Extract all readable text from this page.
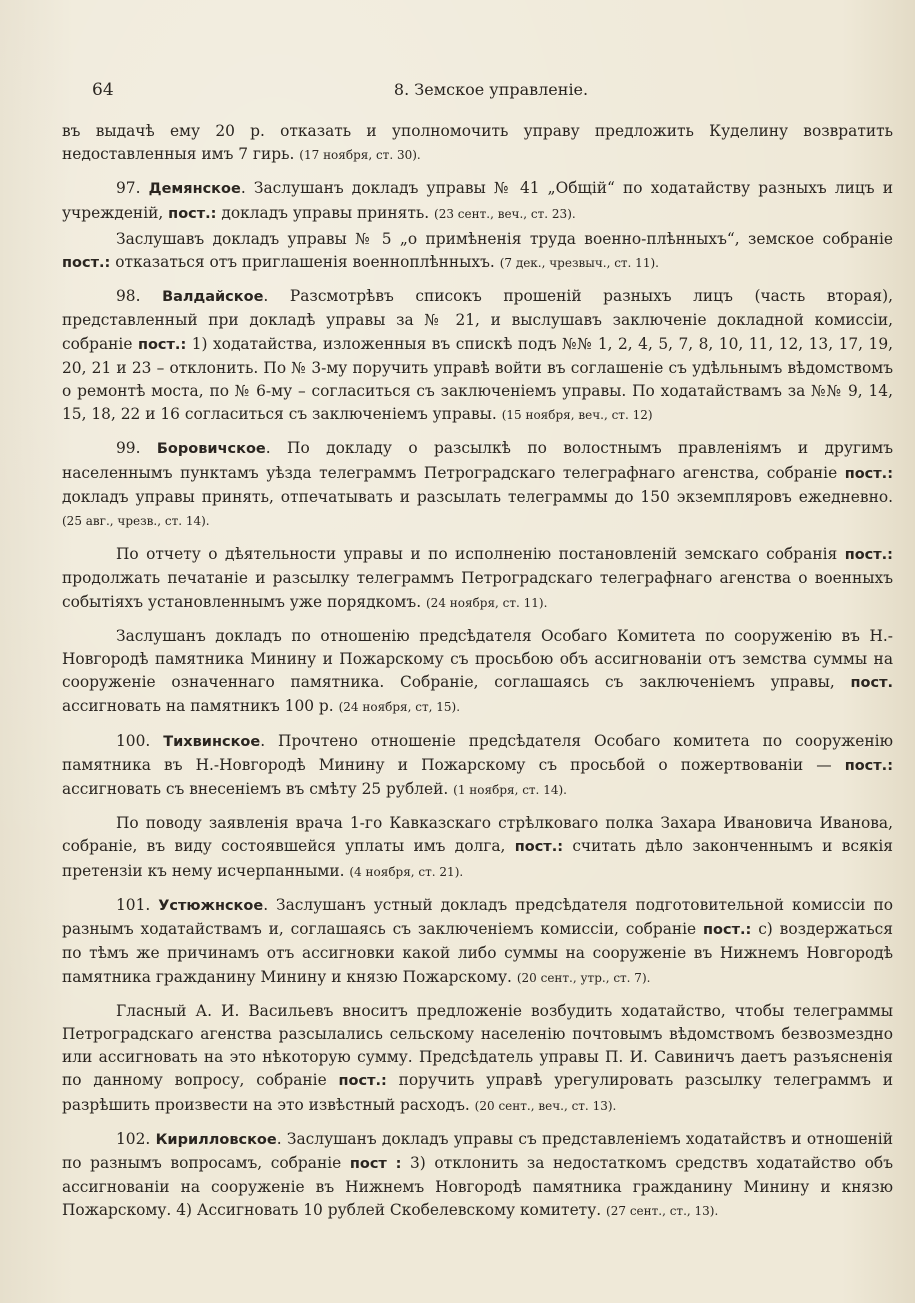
64	8. Земское управленіе.

въ выдачѣ ему 20 р. отказать и уполномочить управу предложить Куделину возвратить недоставленныя имъ 7 гирь. (17 ноября, ст. 30).

97. Демянское. Заслушанъ докладъ управы № 41 „Общій“ по ходатайству разныхъ лицъ и учрежденій, пост.: докладъ управы принять. (23 сент., веч., ст. 23).

Заслушавъ докладъ управы № 5 „о примѣненія труда военно-плѣнныхъ“, земское собраніе пост.: отказаться отъ приглашенія военноплѣнныхъ. (7 дек., чрезвыч., ст. 11).

98. Валдайское. Разсмотрѣвъ списокъ прошеній разныхъ лицъ (часть вторая), представленный при докладѣ управы за № 21, и выслушавъ заключеніе докладной комиссіи, собраніе пост.: 1) ходатайства, изложенныя въ спискѣ подъ №№ 1, 2, 4, 5, 7, 8, 10, 11, 12, 13, 17, 19, 20, 21 и 23 – отклонить. По № 3-му поручить управѣ войти въ соглашеніе съ удѣльнымъ вѣдомствомъ о ремонтѣ моста, по № 6-му – согласиться съ заключеніемъ управы. По ходатайствамъ за №№ 9, 14, 15, 18, 22 и 16 согласиться съ заключеніемъ управы. (15 ноября, веч., ст. 12)

99. Боровичское. По докладу о разсылкѣ по волостнымъ правленіямъ и другимъ населеннымъ пунктамъ уѣзда телеграммъ Петроградскаго телеграфнаго агенства, собраніе пост.: докладъ управы принять, отпечатывать и разсылать телеграммы до 150 экземпляровъ ежедневно. (25 авг., чрезв., ст. 14).

По отчету о дѣятельности управы и по исполненію постановленій земскаго собранія пост.: продолжать печатаніе и разсылку телеграммъ Петроградскаго телеграфнаго агенства о военныхъ событіяхъ установленнымъ уже порядкомъ. (24 ноября, ст. 11).

Заслушанъ докладъ по отношенію предсѣдателя Особаго Комитета по сооруженію въ Н.-Новгородѣ памятника Минину и Пожарскому съ просьбою объ ассигнованіи отъ земства суммы на сооруженіе означеннаго памятника. Собраніе, соглашаясь съ заключеніемъ управы, пост. ассигновать на памятникъ 100 р. (24 ноября, ст, 15).

100. Тихвинское. Прочтено отношеніе предсѣдателя Особаго комитета по сооруженію памятника въ Н.-Новгородѣ Минину и Пожарскому съ просьбой о пожертвованіи — пост.: ассигновать съ внесеніемъ въ смѣту 25 рублей. (1 ноября, ст. 14).

По поводу заявленія врача 1-го Кавказскаго стрѣлковаго полка Захара Ивановича Иванова, собраніе, въ виду состоявшейся уплаты имъ долга, пост.: считать дѣло законченнымъ и всякія претензіи къ нему исчерпанными. (4 ноября, ст. 21).

101. Устюжнское. Заслушанъ устный докладъ предсѣдателя подготовительной комиссіи по разнымъ ходатайствамъ и, соглашаясь съ заключеніемъ комиссіи, собраніе пост.: с) воздержаться по тѣмъ же причинамъ отъ ассигновки какой либо суммы на сооруженіе въ Нижнемъ Новгородѣ памятника гражданину Минину и князю Пожарскому. (20 сент., утр., ст. 7).

Гласный А. И. Васильевъ вноситъ предложеніе возбудить ходатайство, чтобы телеграммы Петроградскаго агенства разсылались сельскому населенію почтовымъ вѣдомствомъ безвозмездно или ассигновать на это нѣкоторую сумму. Предсѣдатель управы П. И. Савиничъ даетъ разъясненія по данному вопросу, собраніе пост.: поручить управѣ урегулировать разсылку телеграммъ и разрѣшить произвести на это извѣстный расходъ. (20 сент., веч., ст. 13).

102. Кирилловское. Заслушанъ докладъ управы съ представленіемъ ходатайствъ и отношеній по разнымъ вопросамъ, собраніе пост : 3) отклонить за недостаткомъ средствъ ходатайство объ ассигнованіи на сооруженіе въ Нижнемъ Новгородѣ памятника гражданину Минину и князю Пожарскому. 4) Ассигновать 10 рублей Скобелевскому комитету. (27 сент., ст., 13).
